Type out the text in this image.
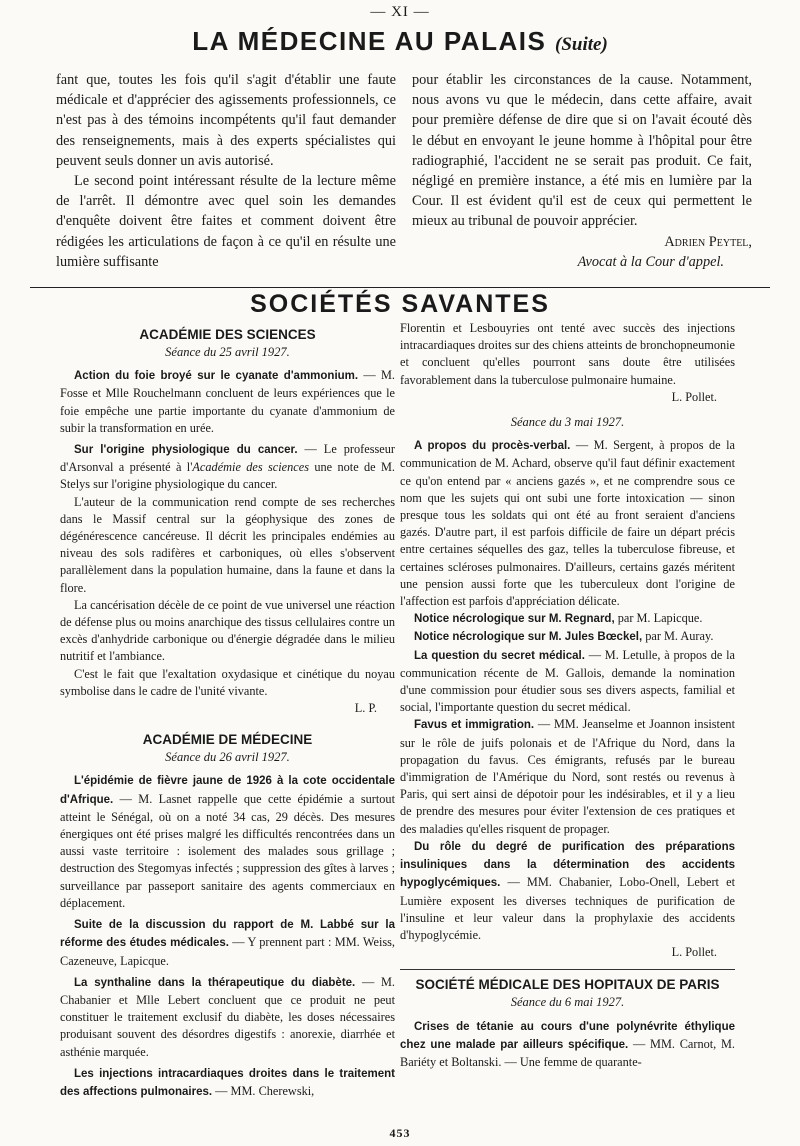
— XI —
LA MÉDECINE AU PALAIS (Suite)

fant que, toutes les fois qu'il s'agit d'établir une faute médicale et d'apprécier des agissements professionnels, ce n'est pas à des témoins incompétents qu'il faut demander des renseignements, mais à des experts spécialistes qui peuvent seuls donner un avis autorisé.

Le second point intéressant résulte de la lecture même de l'arrêt. Il démontre avec quel soin les demandes d'enquête doivent être faites et comment doivent être rédigées les articulations de façon à ce qu'il en résulte une lumière suffisante

pour établir les circonstances de la cause. Notamment, nous avons vu que le médecin, dans cette affaire, avait pour première défense de dire que si on l'avait écouté dès le début en envoyant le jeune homme à l'hôpital pour être radiographié, l'accident ne se serait pas produit. Ce fait, négligé en première instance, a été mis en lumière par la Cour. Il est évident qu'il est de ceux qui permettent le mieux au tribunal de pouvoir apprécier.

Adrien Peytel,
Avocat à la Cour d'appel.
SOCIÉTÉS SAVANTES
ACADÉMIE DES SCIENCES
Séance du 25 avril 1927.

Action du foie broyé sur le cyanate d'ammonium. — M. Fosse et Mlle Rouchelmann concluent de leurs expériences que le foie empêche une partie importante du cyanate d'ammonium de subir la transformation en urée.

Sur l'origine physiologique du cancer. — Le professeur d'Arsonval a présenté à l'Académie des sciences une note de M. Stelys sur l'origine physiologique du cancer.

L'auteur de la communication rend compte de ses recherches dans le Massif central sur la géophysique des zones de dégénérescence cancéreuse. Il décrit les principales endémies au niveau des sols radifères et carboniques, où elles s'observent parallèlement dans la population humaine, dans la faune et dans la flore.

La cancérisation décèle de ce point de vue universel une réaction de défense plus ou moins anarchique des tissus cellulaires contre un excès d'anhydride carbonique ou d'énergie dégradée dans le milieu nutritif et l'ambiance.

C'est le fait que l'exaltation oxydasique et cinétique du noyau symbolise dans le cadre de l'unité vivante.

L. P.
ACADÉMIE DE MÉDECINE
Séance du 26 avril 1927.

L'épidémie de fièvre jaune de 1926 à la cote occidentale d'Afrique. — M. Lasnet rappelle que cette épidémie a surtout atteint le Sénégal, où on a noté 34 cas, 29 décès. Des mesures énergiques ont été prises malgré les difficultés rencontrées dans un aussi vaste territoire : isolement des malades sous grillage ; destruction des Stegomyas infectés ; suppression des gîtes à larves ; surveillance par passeport sanitaire des agents commerciaux en déplacement.

Suite de la discussion du rapport de M. Labbé sur la réforme des études médicales. — Y prennent part : MM. Weiss, Cazeneuve, Lapicque.

La synthaline dans la thérapeutique du diabète. — M. Chabanier et Mlle Lebert concluent que ce produit ne peut constituer le traitement exclusif du diabète, les doses nécessaires produisant souvent des désordres digestifs : anorexie, diarrhée et asthénie marquée.

Les injections intracardiaques droites dans le traitement des affections pulmonaires. — MM. Cherewski,

Florentin et Lesbouyries ont tenté avec succès des injections intracardiaques droites sur des chiens atteints de bronchopneumonie et concluent qu'elles pourront sans doute être utilisées favorablement dans la tuberculose pulmonaire humaine.

L. Pollet.
Séance du 3 mai 1927.

A propos du procès-verbal. — M. Sergent, à propos de la communication de M. Achard, observe qu'il faut définir exactement ce qu'on entend par « anciens gazés », et ne comprendre sous ce nom que les sujets qui ont subi une forte intoxication — sinon presque tous les soldats qui ont été au front seraient d'anciens gazés. D'autre part, il est parfois difficile de faire un départ précis entre certaines séquelles des gaz, telles la tuberculose fibreuse, et certaines scléroses pulmonaires. D'ailleurs, certains gazés méritent une pension aussi forte que les tuberculeux dont l'origine de l'affection est parfois d'appréciation délicate.

Notice nécrologique sur M. Regnard, par M. Lapicque.

Notice nécrologique sur M. Jules Bœckel, par M. Auray.

La question du secret médical. — M. Letulle, à propos de la communication récente de M. Gallois, demande la nomination d'une commission pour étudier sous ses divers aspects, familial et social, l'importante question du secret médical.

Favus et immigration. — MM. Jeanselme et Joannon insistent sur le rôle de juifs polonais et de l'Afrique du Nord, dans la propagation du favus. Ces émigrants, refusés par le bureau d'immigration de l'Amérique du Nord, sont restés ou revenus à Paris, qui sert ainsi de dépotoir pour les indésirables, et il y a lieu de prendre des mesures pour éviter l'extension de ces pratiques et des maladies qu'elles risquent de propager.

Du rôle du degré de purification des préparations insuliniques dans la détermination des accidents hypoglycémiques. — MM. Chabanier, Lobo-Onell, Lebert et Lumière exposent les diverses techniques de purification de l'insuline et leur valeur dans la prophylaxie des accidents d'hypoglycémie.

L. Pollet.
SOCIÉTÉ MÉDICALE DES HOPITAUX DE PARIS
Séance du 6 mai 1927.

Crises de tétanie au cours d'une polynévrite éthylique chez une malade par ailleurs spécifique. — MM. Carnot, M. Bariéty et Boltanski. — Une femme de quarante-

453
